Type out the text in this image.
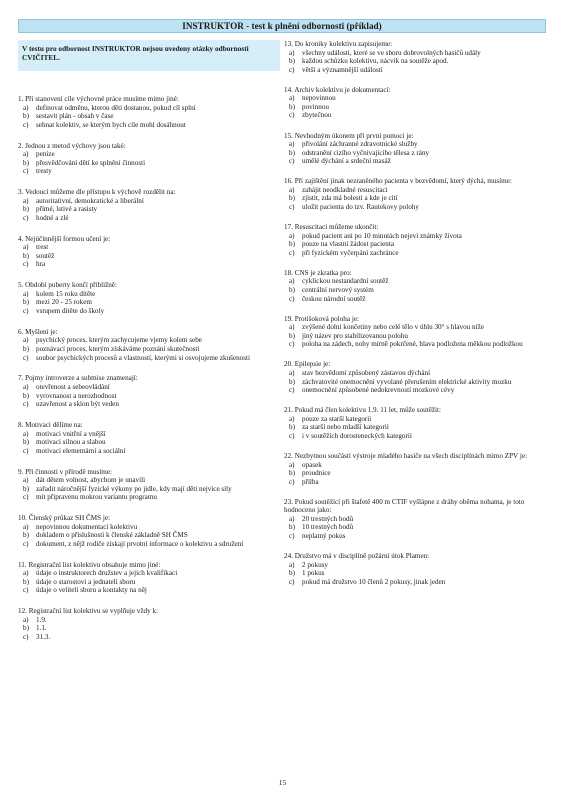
INSTRUKTOR - test k plnění odbornosti (příklad)
V testu pro odbornost INSTRUKTOR nejsou uvedeny otázky odbornosti CVIČITEL.

1. Při stanovení cíle výchovné práce musíme mimo jiné:

a)	definovat odměnu, kterou děti dostanou, pokud cíl splní
b) sestavit plán - obsah v čase
c)	sehnat kolektiv, se kterým bych cíle mohl dosáhnout

2. Jednou z metod výchovy jsou také:

a)	peníze
b) přesvědčování dětí ke splnění činnosti
c)	tresty

3. Vedoucí můžeme dle přístupu k výchově rozdělit na:

a)	autoritativní, demokratické a liberální
b) přímé, lstivé a rasisty
c)	hodné a zlé

4. Nejúčinnější formou učení je:

a)	trest
b) soutěž
c)	hra

5. Období puberty končí přibližně:

a)	kolem 15 roku dítěte
b) mezi 20 - 25 rokem
c)	vstupem dítěte do školy

6. Myšlení je:

a)	psychický proces, kterým zachycujeme vjemy kolem sebe
b) poznávací proces, kterým získáváme poznání skutečnosti
c)	soubor psychických procesů a vlastností, kterými si osvojujeme zkušenosti

7. Pojmy introverze a submise znamenají:

a)	otevřenost a sebeovládání
b) vyrovnanost a nerozhodnost
c)	uzavřenost a sklon být veden

8. Motivaci dělíme na:

a)	motivaci vnitřní a vnější
b) motivaci silnou a slabou
c)	motivaci elementární a sociální

9. Při činnosti v přírodě musíme:

a)	dát dětem volnost, abychom je unavili
b) zařadit náročnější fyzické výkony po jídle, kdy mají děti nejvíce síly
c)	mít připravenu mokrou variantu programu

10. Členský průkaz SH ČMS je:

a)	nepovinnou dokumentací kolektivu
b) dokladem o příslušnosti k členské základně SH ČMS
c)	dokument, z nějž rodiče získají prvotní informace o kolektivu a sdružení

11. Registrační list kolektivu obsahuje mimo jiné:

a)	údaje o instruktorech družstev a jejich kvalifikaci
b) údaje o starostovi a jednateli sboru
c)	údaje o veliteli sboru a kontakty na něj

12. Registrační list kolektivu se vyplňuje vždy k:

a)	1.9.
b) 1.1.
c)	31.3.

13. Do kroniky kolektivu zapisujeme:

a)	všechny události, které se ve sboru dobrovolných hasičů udály
b) každou schůzku kolektivu, nácvik na soutěže apod.
c)	větší a významnější události

14. Archiv kolektivu je dokumentací:

a)	nepovinnou
b) povinnou
c)	zbytečnou

15. Nevhodným úkonem při první pomoci je:

a)	přivolání záchranné zdravotnické služby
b) odstranění cizího vyčnívajícího tělesa z rány
c)	umělé dýchání a srdeční masáž

16. Při zajištění jinak nezraněného pacienta v bezvědomí, který dýchá, musíme:

a)	zahájit neodkladné resuscitaci
b) zjistit, zda má bolesti a kde je cítí
c)	uložit pacienta do tzv. Rautekovy polohy

17. Resuscitaci můžeme ukončit:

a)	pokud pacient ani po 10 minutách nejeví známky života
b) pouze na vlastní žádost pacienta
c)	při fyzickém vyčerpání zachránce

18. CNS je zkratka pro:

a)	cyklickou nestandardní soutěž
b) centrální nervový systém
c)	českou národní soutěž

19. Protišoková poloha je:

a)	zvýšené dolní končetiny nebo celé tělo v úhlu 30° s hlavou níže
b) jiný název pro stabilizovanou polohu
c)	poloha na zádech, nohy mírně pokrčené, hlava podložena měkkou podložkou

20. Epilepsie je:

a)	stav bezvědomí způsobený zástavou dýchání
b) záchvatovité onemocnění vyvolané přerušením elektrické aktivity mozku
c)	onemocnění způsobené nedokrevností mozkové cévy

21. Pokud má člen kolektivu 1.9. 11 let, může soutěžit:

a)	pouze za starší kategorii
b) za starší nebo mladší kategorii
c)	i v soutěžích dorosteneckých kategorií

22. Nezbytnou součástí výstroje mladého hasiče na všech disciplínách mimo ZPV je:

a)	opasek
b) proudnice
c)	přilba

23. Pokud soutěžící při štafetě 400 m CTIF vyšlápne z dráhy oběma nohama, je toto hodnoceno jako:

a)	20 trestných bodů
b) 10 trestných bodů
c)	neplatný pokus

24. Družstvo má v disciplíně požární útok Plamen:

a)	2 pokusy
b) 1 pokus
c)	pokud má družstvo 10 členů 2 pokusy, jinak jeden
15
